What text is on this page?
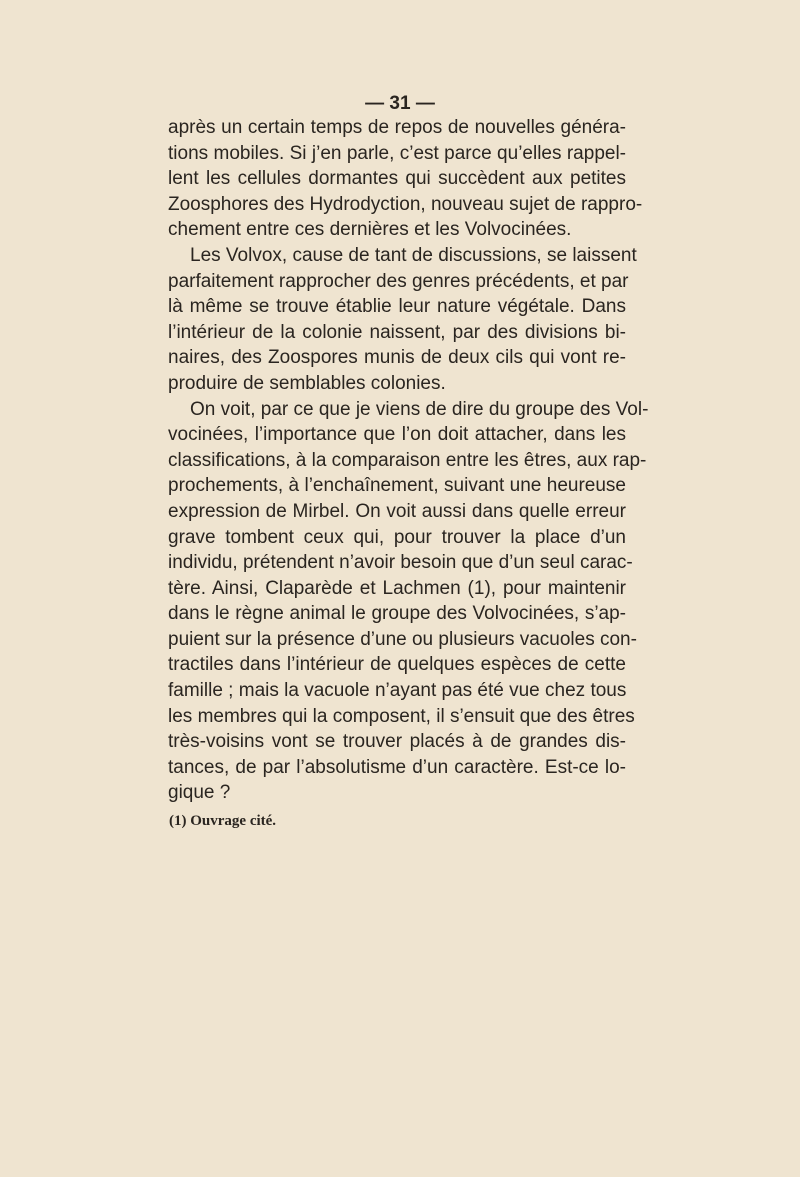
— 31 —
après un certain temps de repos de nouvelles généra-
tions mobiles. Si j’en parle, c’est parce qu’elles rappel-
lent les cellules dormantes qui succèdent aux petites
Zoosphores des Hydrodyction, nouveau sujet de rappro-
chement entre ces dernières et les Volvocinées.
Les Volvox, cause de tant de discussions, se laissent
parfaitement rapprocher des genres précédents, et par
là même se trouve établie leur nature végétale. Dans
l’intérieur de la colonie naissent, par des divisions bi-
naires, des Zoospores munis de deux cils qui vont re-
produire de semblables colonies.
On voit, par ce que je viens de dire du groupe des Vol-
vocinées, l’importance que l’on doit attacher, dans les
classifications, à la comparaison entre les êtres, aux rap-
prochements, à l’enchaînement, suivant une heureuse
expression de Mirbel. On voit aussi dans quelle erreur
grave tombent ceux qui, pour trouver la place d’un
individu, prétendent n’avoir besoin que d’un seul carac-
tère. Ainsi, Claparède et Lachmen (1), pour maintenir
dans le règne animal le groupe des Volvocinées, s’ap-
puient sur la présence d’une ou plusieurs vacuoles con-
tractiles dans l’intérieur de quelques espèces de cette
famille ; mais la vacuole n’ayant pas été vue chez tous
les membres qui la composent, il s’ensuit que des êtres
très-voisins vont se trouver placés à de grandes dis-
tances, de par l’absolutisme d’un caractère. Est-ce lo-
gique ?
(1) Ouvrage cité.
